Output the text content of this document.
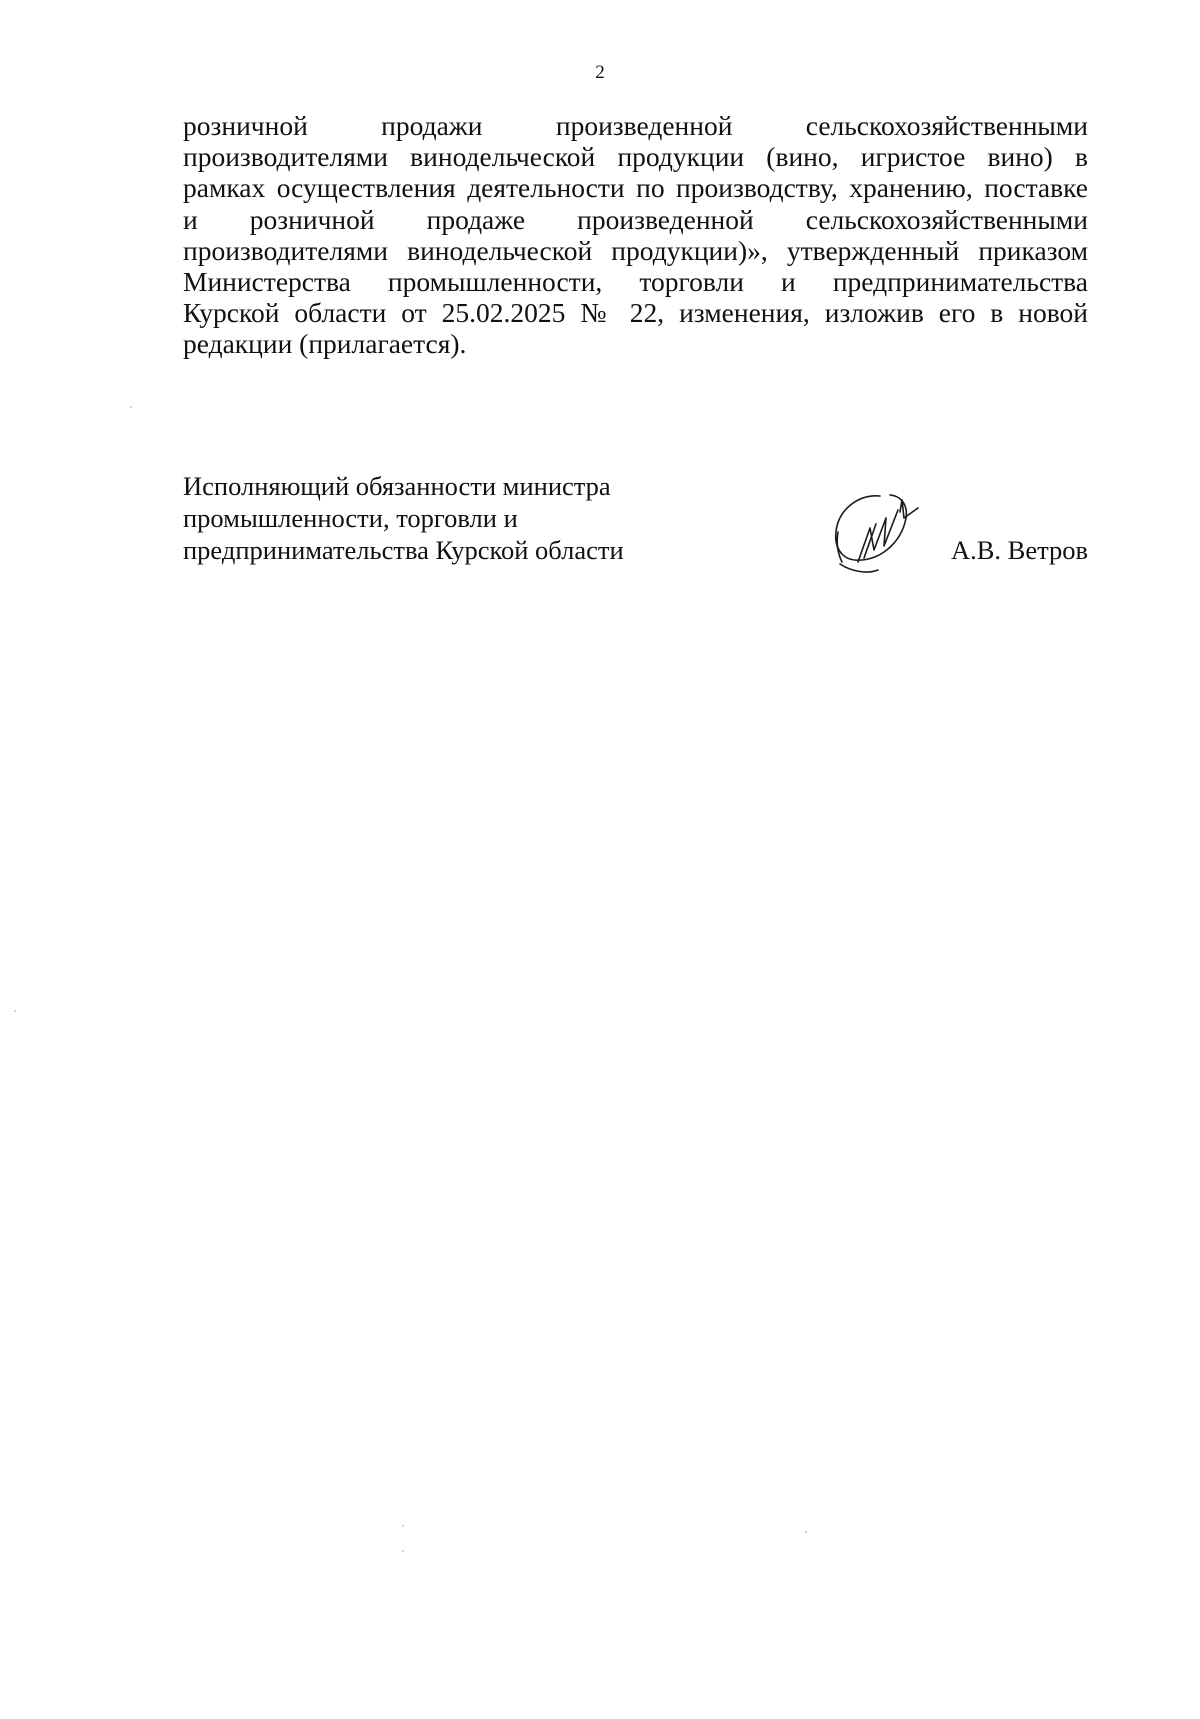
2
розничной продажи произведенной сельскохозяйственными
производителями винодельческой продукции (вино, игристое вино) в
рамках осуществления деятельности по производству, хранению, поставке
и розничной продаже произведенной сельскохозяйственными
производителями винодельческой продукции)», утвержденный приказом
Министерства промышленности, торговли и предпринимательства
Курской области от 25.02.2025 № 22, изменения, изложив его в новой
редакции (прилагается).
Исполняющий обязанности министра
промышленности, торговли и
предпринимательства Курской области	А.В. Ветров
